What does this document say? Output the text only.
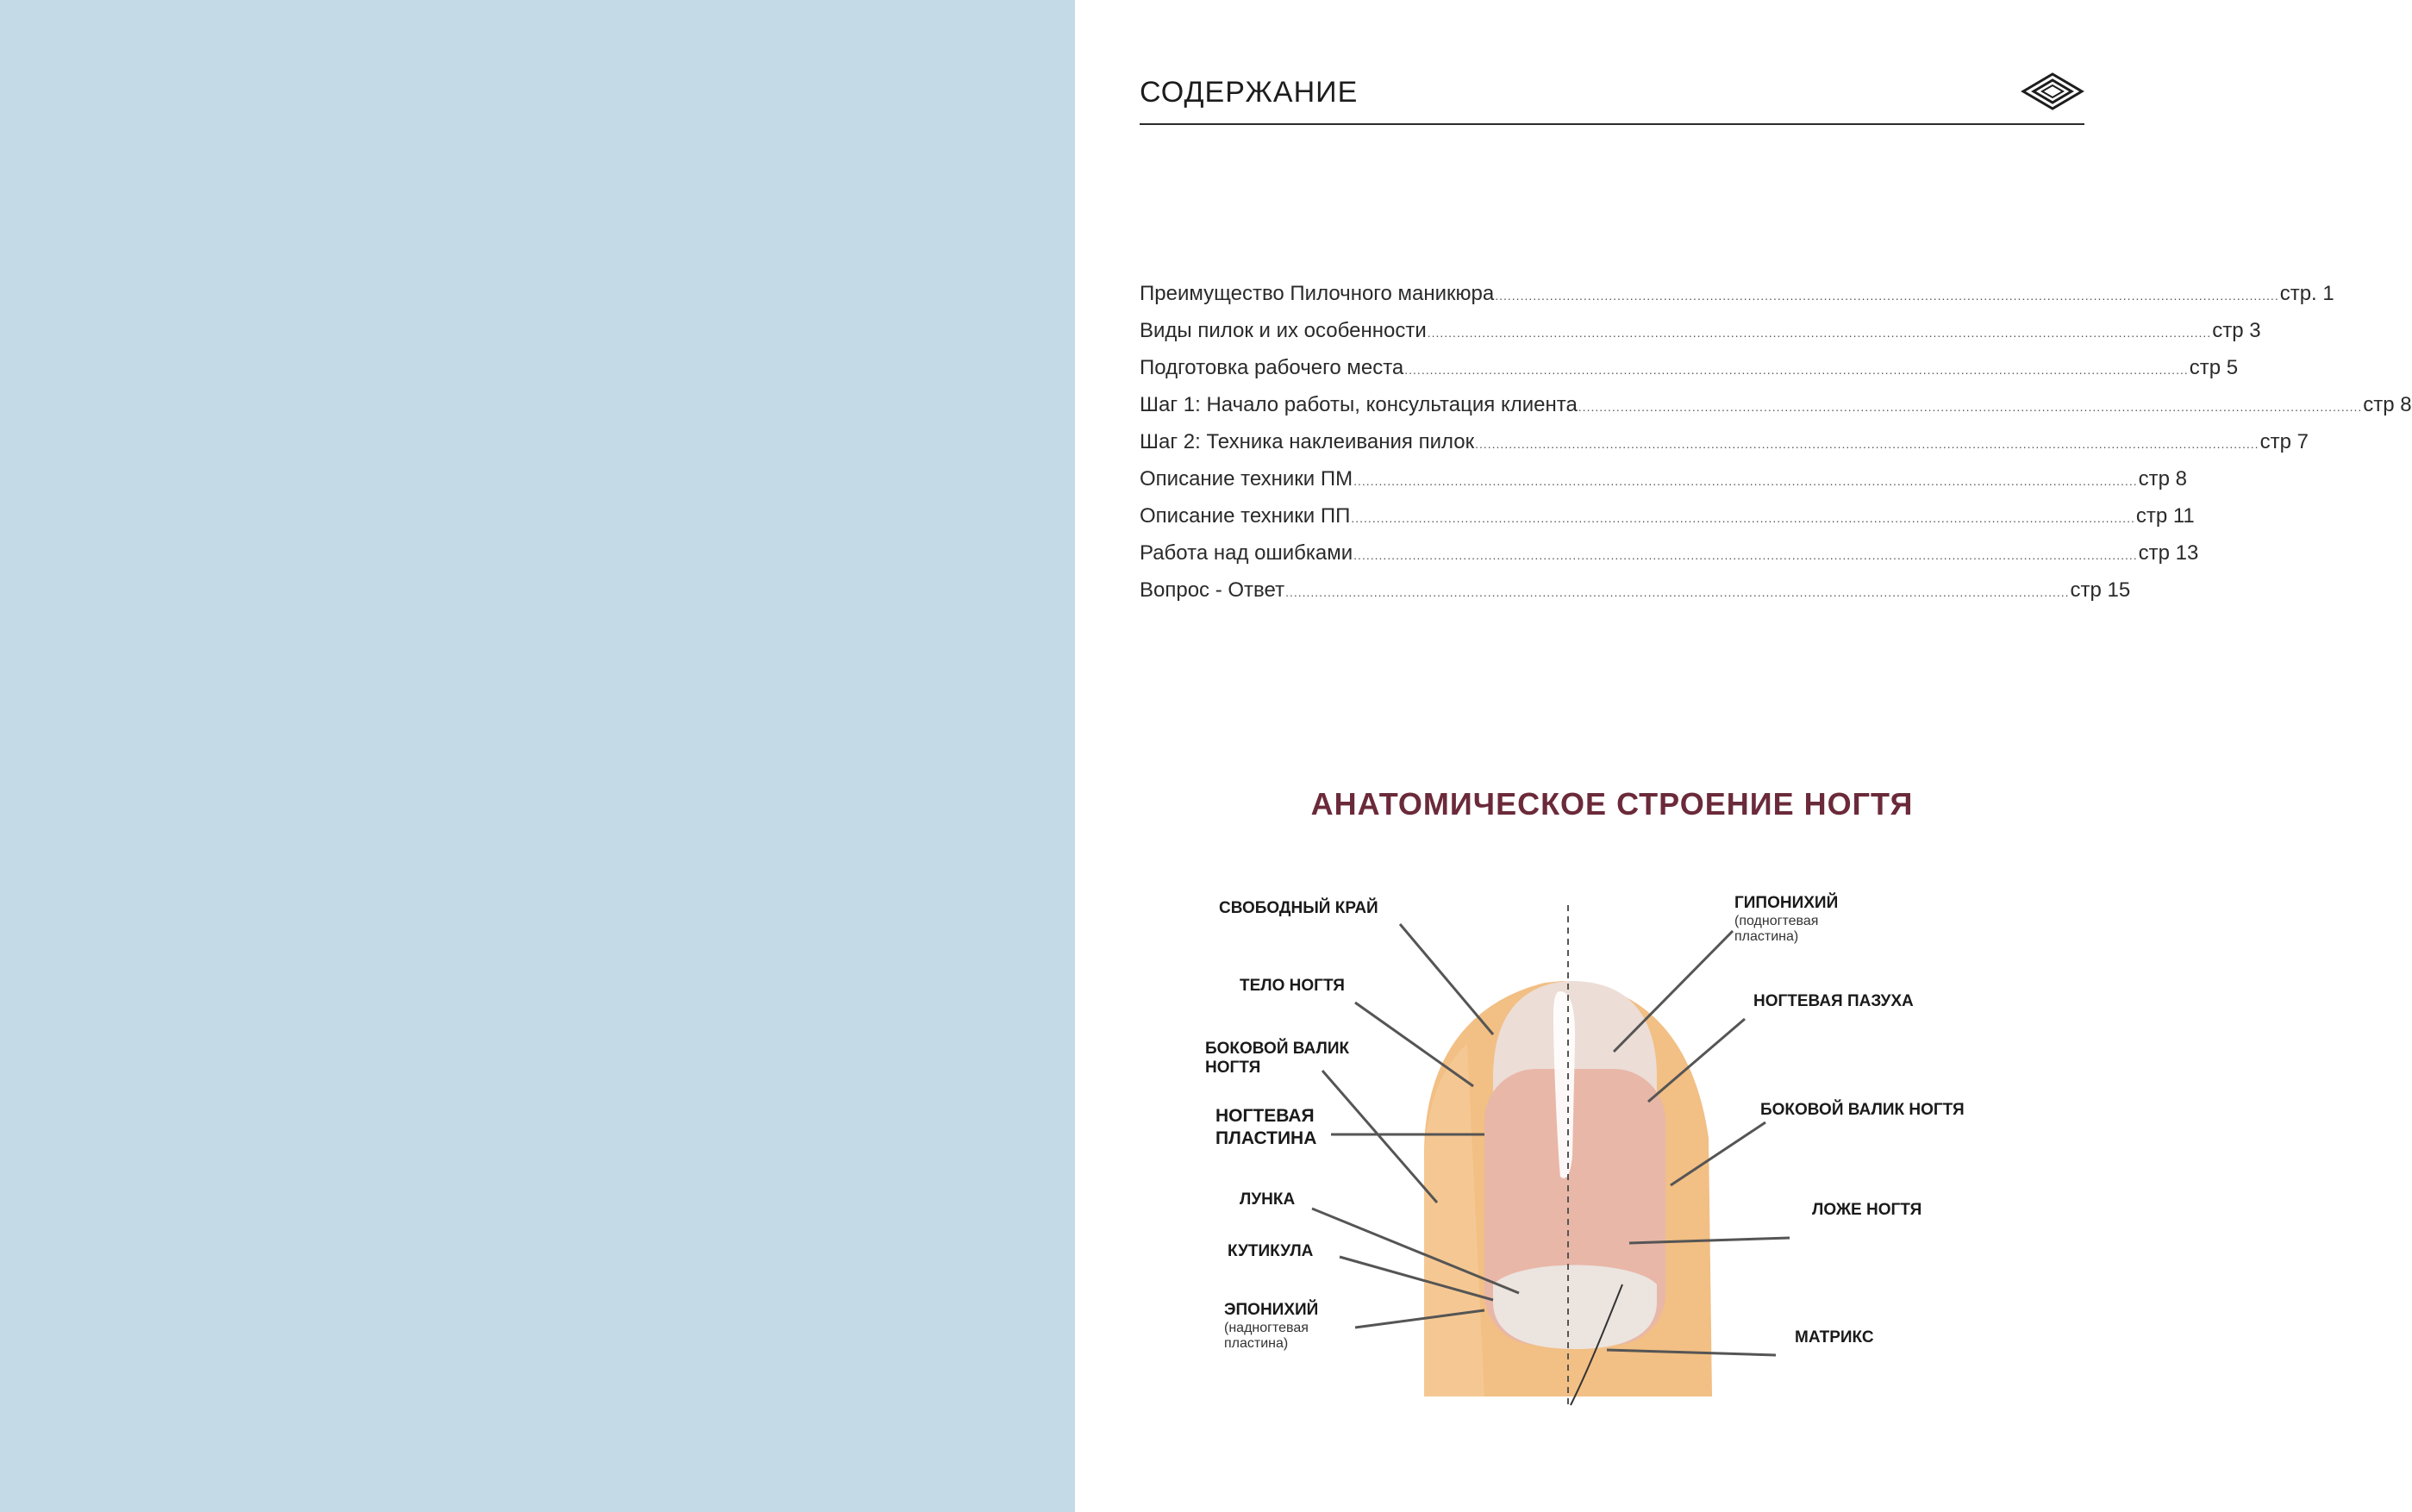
СОДЕРЖАНИЕ
Преимущество Пилочного маникюра .......................................................................................................................................................................................... стр. 1
Виды пилок и их особенности .......................................................................................................................................................................................... стр 3
Подготовка рабочего места .......................................................................................................................................................................................... стр 5
Шаг 1: Начало работы, консультация клиента .......................................................................................................................................................................................... стр 8
Шаг 2: Техника наклеивания пилок .......................................................................................................................................................................................... стр 7
Описание техники ПМ .......................................................................................................................................................................................... стр 8
Описание техники ПП .......................................................................................................................................................................................... стр 11
Работа над ошибками .......................................................................................................................................................................................... стр 13
Вопрос - Ответ .......................................................................................................................................................................................... стр 15
АНАТОМИЧЕСКОЕ СТРОЕНИЕ НОГТЯ
СВОБОДНЫЙ КРАЙ
ТЕЛО НОГТЯ
БОКОВОЙ ВАЛИК
НОГТЯ
НОГТЕВАЯ
ПЛАСТИНА
ЛУНКА
КУТИКУЛА
ЭПОНИХИЙ
(надногтевая
пластина)
ГИПОНИХИЙ
(подногтевая
пластина)
НОГТЕВАЯ ПАЗУХА
БОКОВОЙ ВАЛИК НОГТЯ
ЛОЖЕ НОГТЯ
МАТРИКС
